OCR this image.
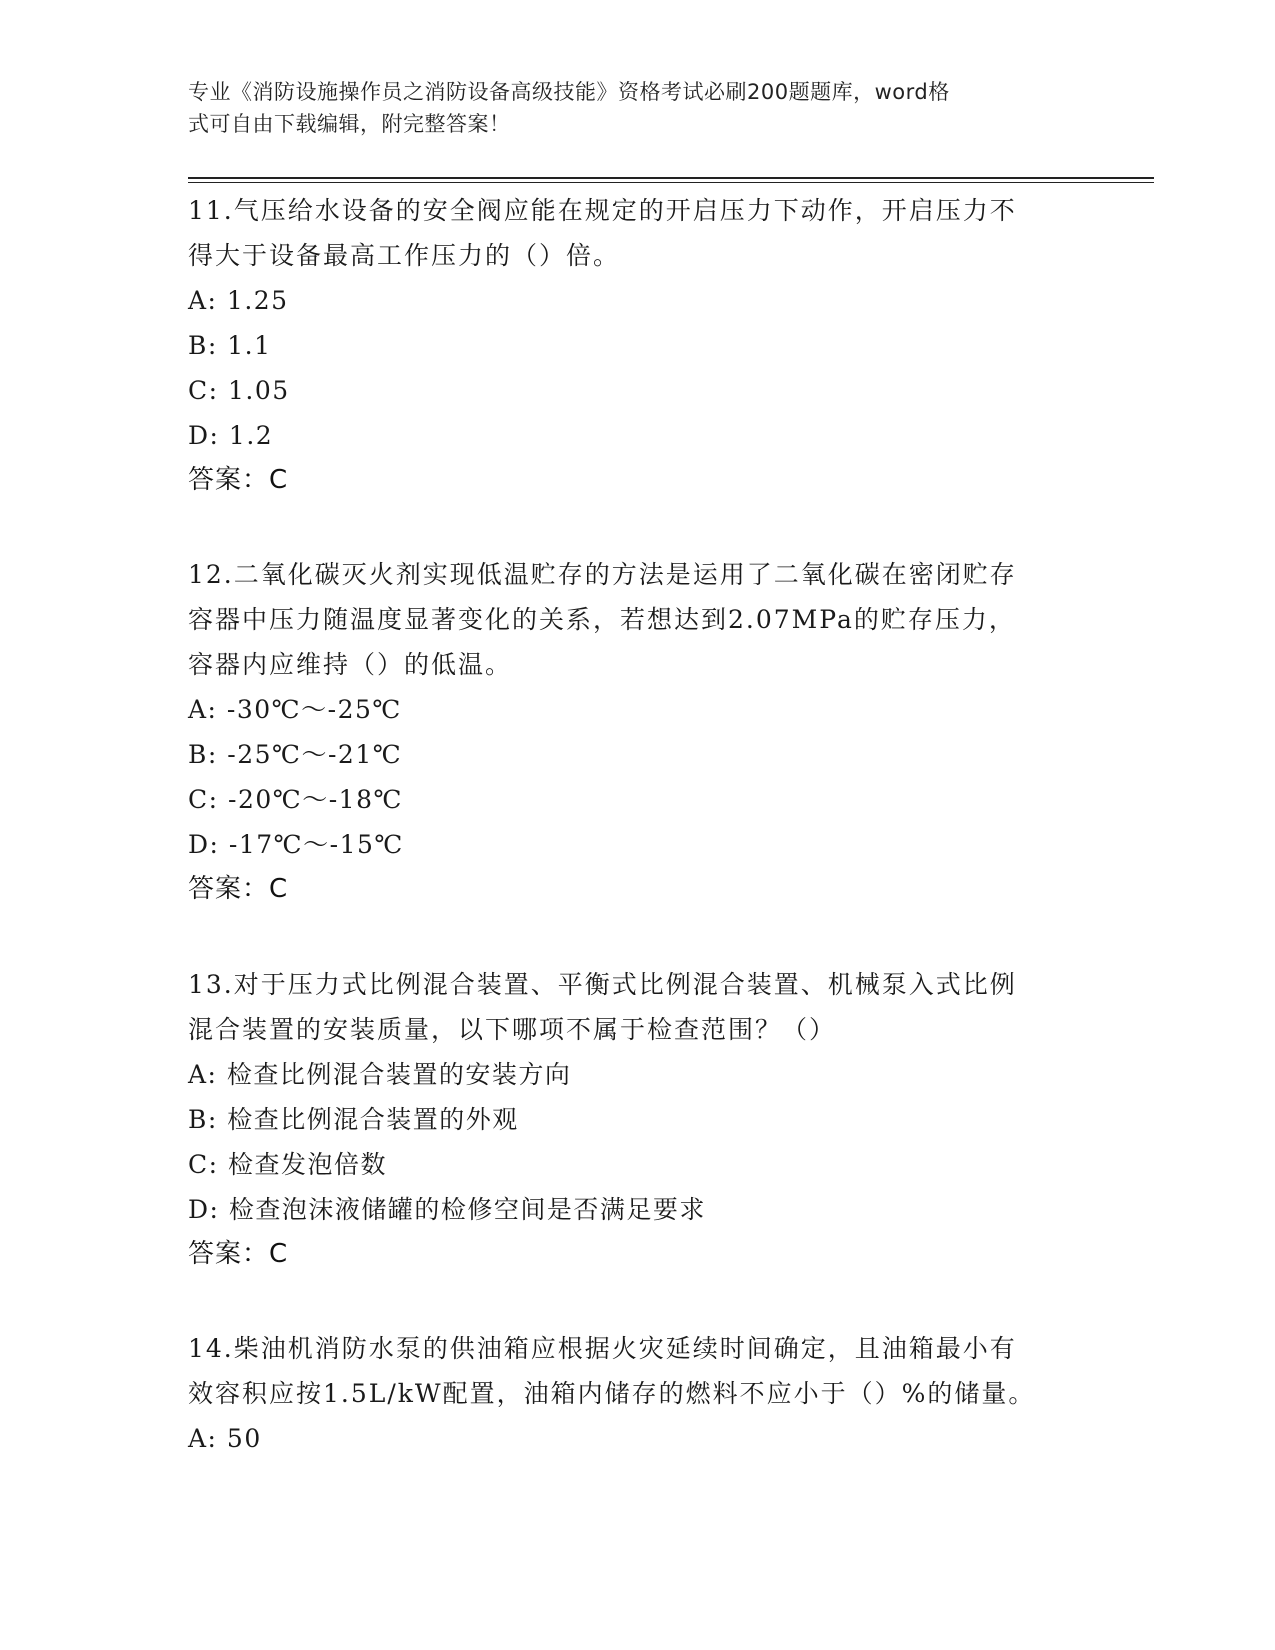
专业《消防设施操作员之消防设备高级技能》资格考试必刷200题题库，word格
式可自由下载编辑，附完整答案！
11.气压给水设备的安全阀应能在规定的开启压力下动作，开启压力不
得大于设备最高工作压力的（）倍。
A: 1.25
B: 1.1
C: 1.05
D: 1.2
答案：C
12.二氧化碳灭火剂实现低温贮存的方法是运用了二氧化碳在密闭贮存
容器中压力随温度显著变化的关系，若想达到2.07MPa的贮存压力，
容器内应维持（）的低温。
A: -30℃～-25℃
B: -25℃～-21℃
C: -20℃～-18℃
D: -17℃～-15℃
答案：C
13.对于压力式比例混合装置、平衡式比例混合装置、机械泵入式比例
混合装置的安装质量，以下哪项不属于检查范围？（）
A: 检查比例混合装置的安装方向
B: 检查比例混合装置的外观
C: 检查发泡倍数
D: 检查泡沫液储罐的检修空间是否满足要求
答案：C
14.柴油机消防水泵的供油箱应根据火灾延续时间确定，且油箱最小有
效容积应按1.5L/kW配置，油箱内储存的燃料不应小于（）%的储量。
A: 50
